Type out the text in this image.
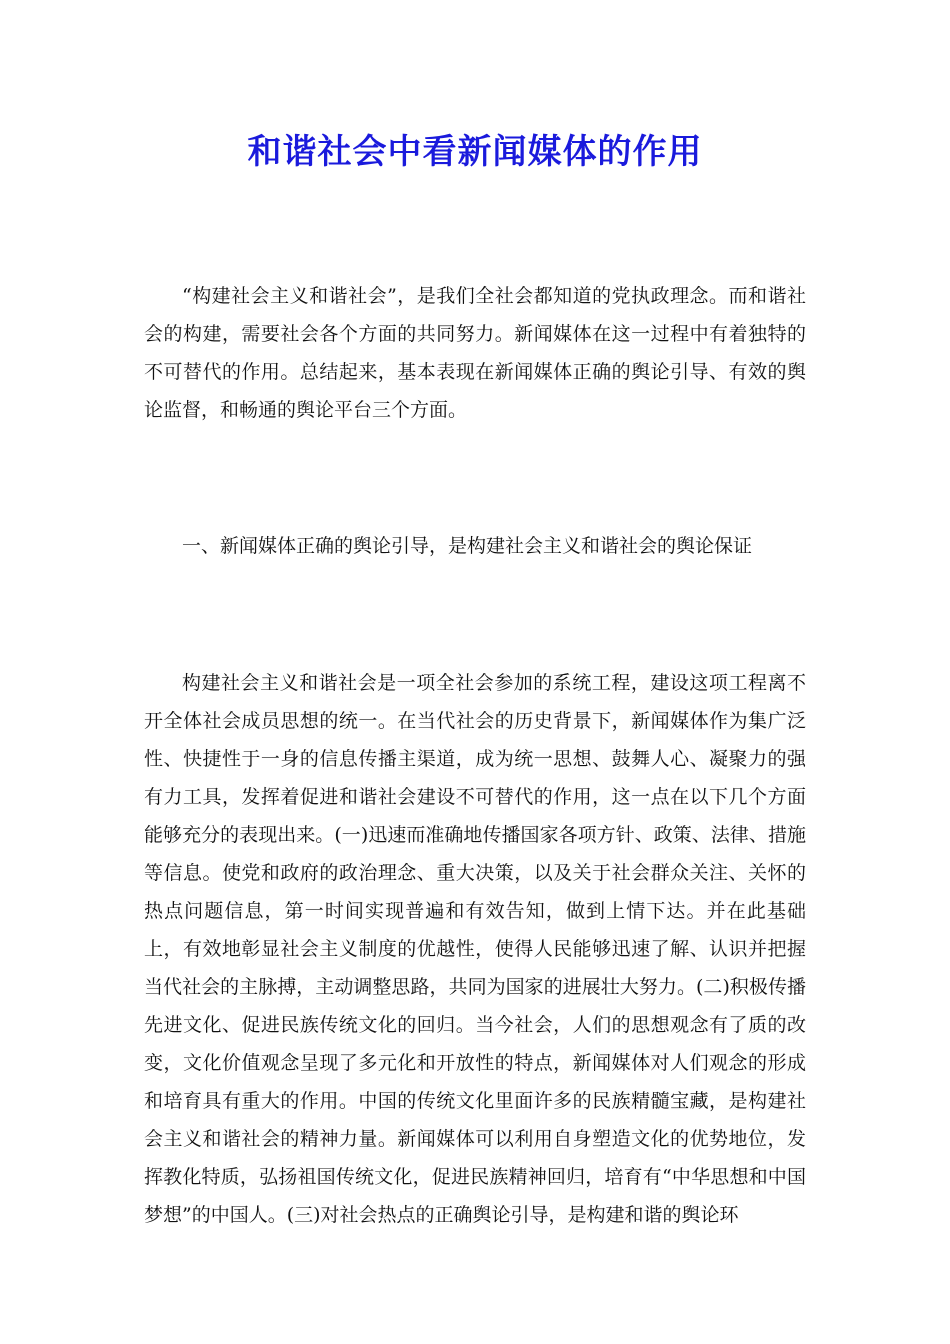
和谐社会中看新闻媒体的作用

“构建社会主义和谐社会”，是我们全社会都知道的党执政理念。而和谐社会的构建，需要社会各个方面的共同努力。新闻媒体在这一过程中有着独特的不可替代的作用。总结起来，基本表现在新闻媒体正确的舆论引导、有效的舆论监督，和畅通的舆论平台三个方面。

一、新闻媒体正确的舆论引导，是构建社会主义和谐社会的舆论保证

构建社会主义和谐社会是一项全社会参加的系统工程，建设这项工程离不开全体社会成员思想的统一。在当代社会的历史背景下，新闻媒体作为集广泛性、快捷性于一身的信息传播主渠道，成为统一思想、鼓舞人心、凝聚力的强有力工具，发挥着促进和谐社会建设不可替代的作用，这一点在以下几个方面能够充分的表现出来。(一)迅速而准确地传播国家各项方针、政策、法律、措施等信息。使党和政府的政治理念、重大决策，以及关于社会群众关注、关怀的热点问题信息，第一时间实现普遍和有效告知，做到上情下达。并在此基础上，有效地彰显社会主义制度的优越性，使得人民能够迅速了解、认识并把握当代社会的主脉搏，主动调整思路，共同为国家的进展壮大努力。(二)积极传播先进文化、促进民族传统文化的回归。当今社会，人们的思想观念有了质的改变，文化价值观念呈现了多元化和开放性的特点，新闻媒体对人们观念的形成和培育具有重大的作用。中国的传统文化里面许多的民族精髓宝藏，是构建社会主义和谐社会的精神力量。新闻媒体可以利用自身塑造文化的优势地位，发挥教化特质，弘扬祖国传统文化，促进民族精神回归，培育有“中华思想和中国梦想”的中国人。(三)对社会热点的正确舆论引导，是构建和谐的舆论环
